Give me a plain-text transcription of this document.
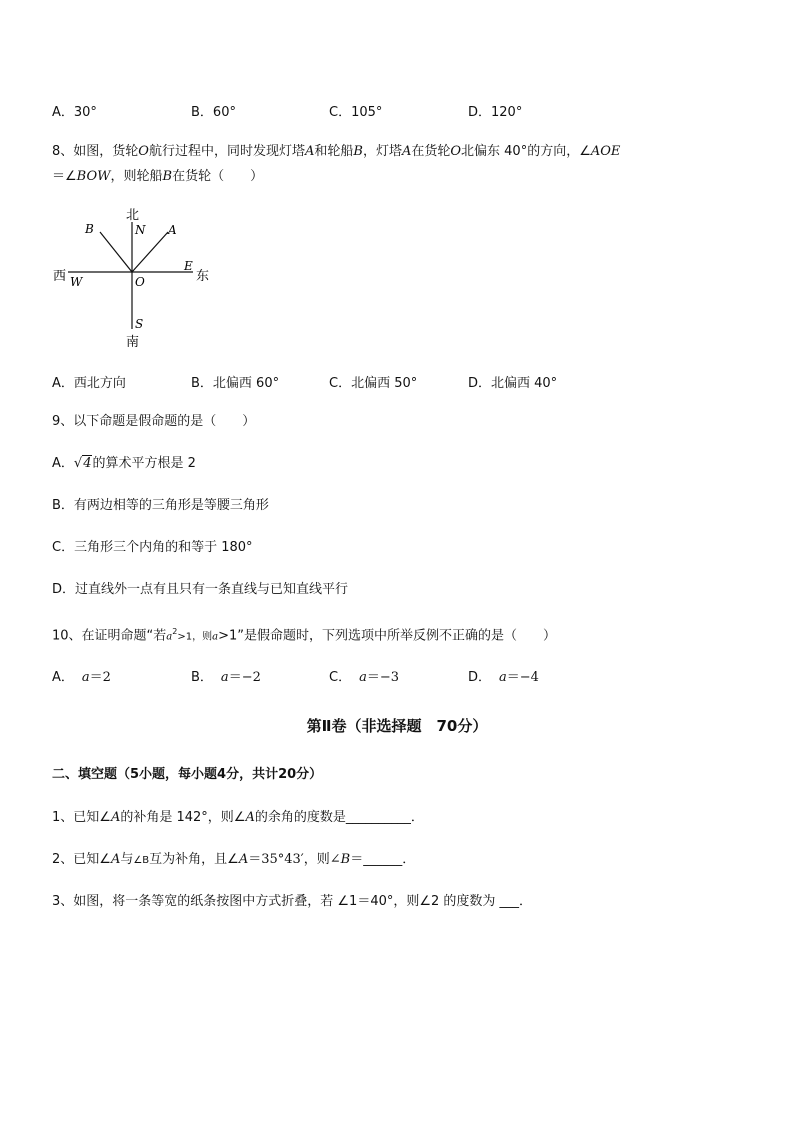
A．30°	B．60°	C．105°	D．120°
8、如图，货轮O航行过程中，同时发现灯塔A和轮船B，灯塔A在货轮O北偏东 40°的方向，∠AOE
＝∠BOW，则轮船B在货轮（　　）
北
N A
B
西 W	O
E
东
S
南
A．西北方向	B．北偏西 60°	C．北偏西 50°	D．北偏西 40°
9、以下命题是假命题的是（　　）
A．√4的算术平方根是 2
B．有两边相等的三角形是等腰三角形
C．三角形三个内角的和等于 180°
D．过直线外一点有且只有一条直线与已知直线平行
10、在证明命题“若$a^2>1$，则a>1”是假命题时，下列选项中所举反例不正确的是（　　）
A． a＝2	B． a＝−2	C． a＝−3	D． a＝−4
第Ⅱ卷（非选择题　70分）
二、填空题（5小题，每小题4分，共计20分）
1、已知∠A的补角是 142°，则∠A的余角的度数是__________．
2、已知∠A与∠B互为补角，且∠A＝35°43′，则∠B＝______．
3、如图，将一条等宽的纸条按图中方式折叠，若 ∠1＝40°，则∠2 的度数为 ___．
